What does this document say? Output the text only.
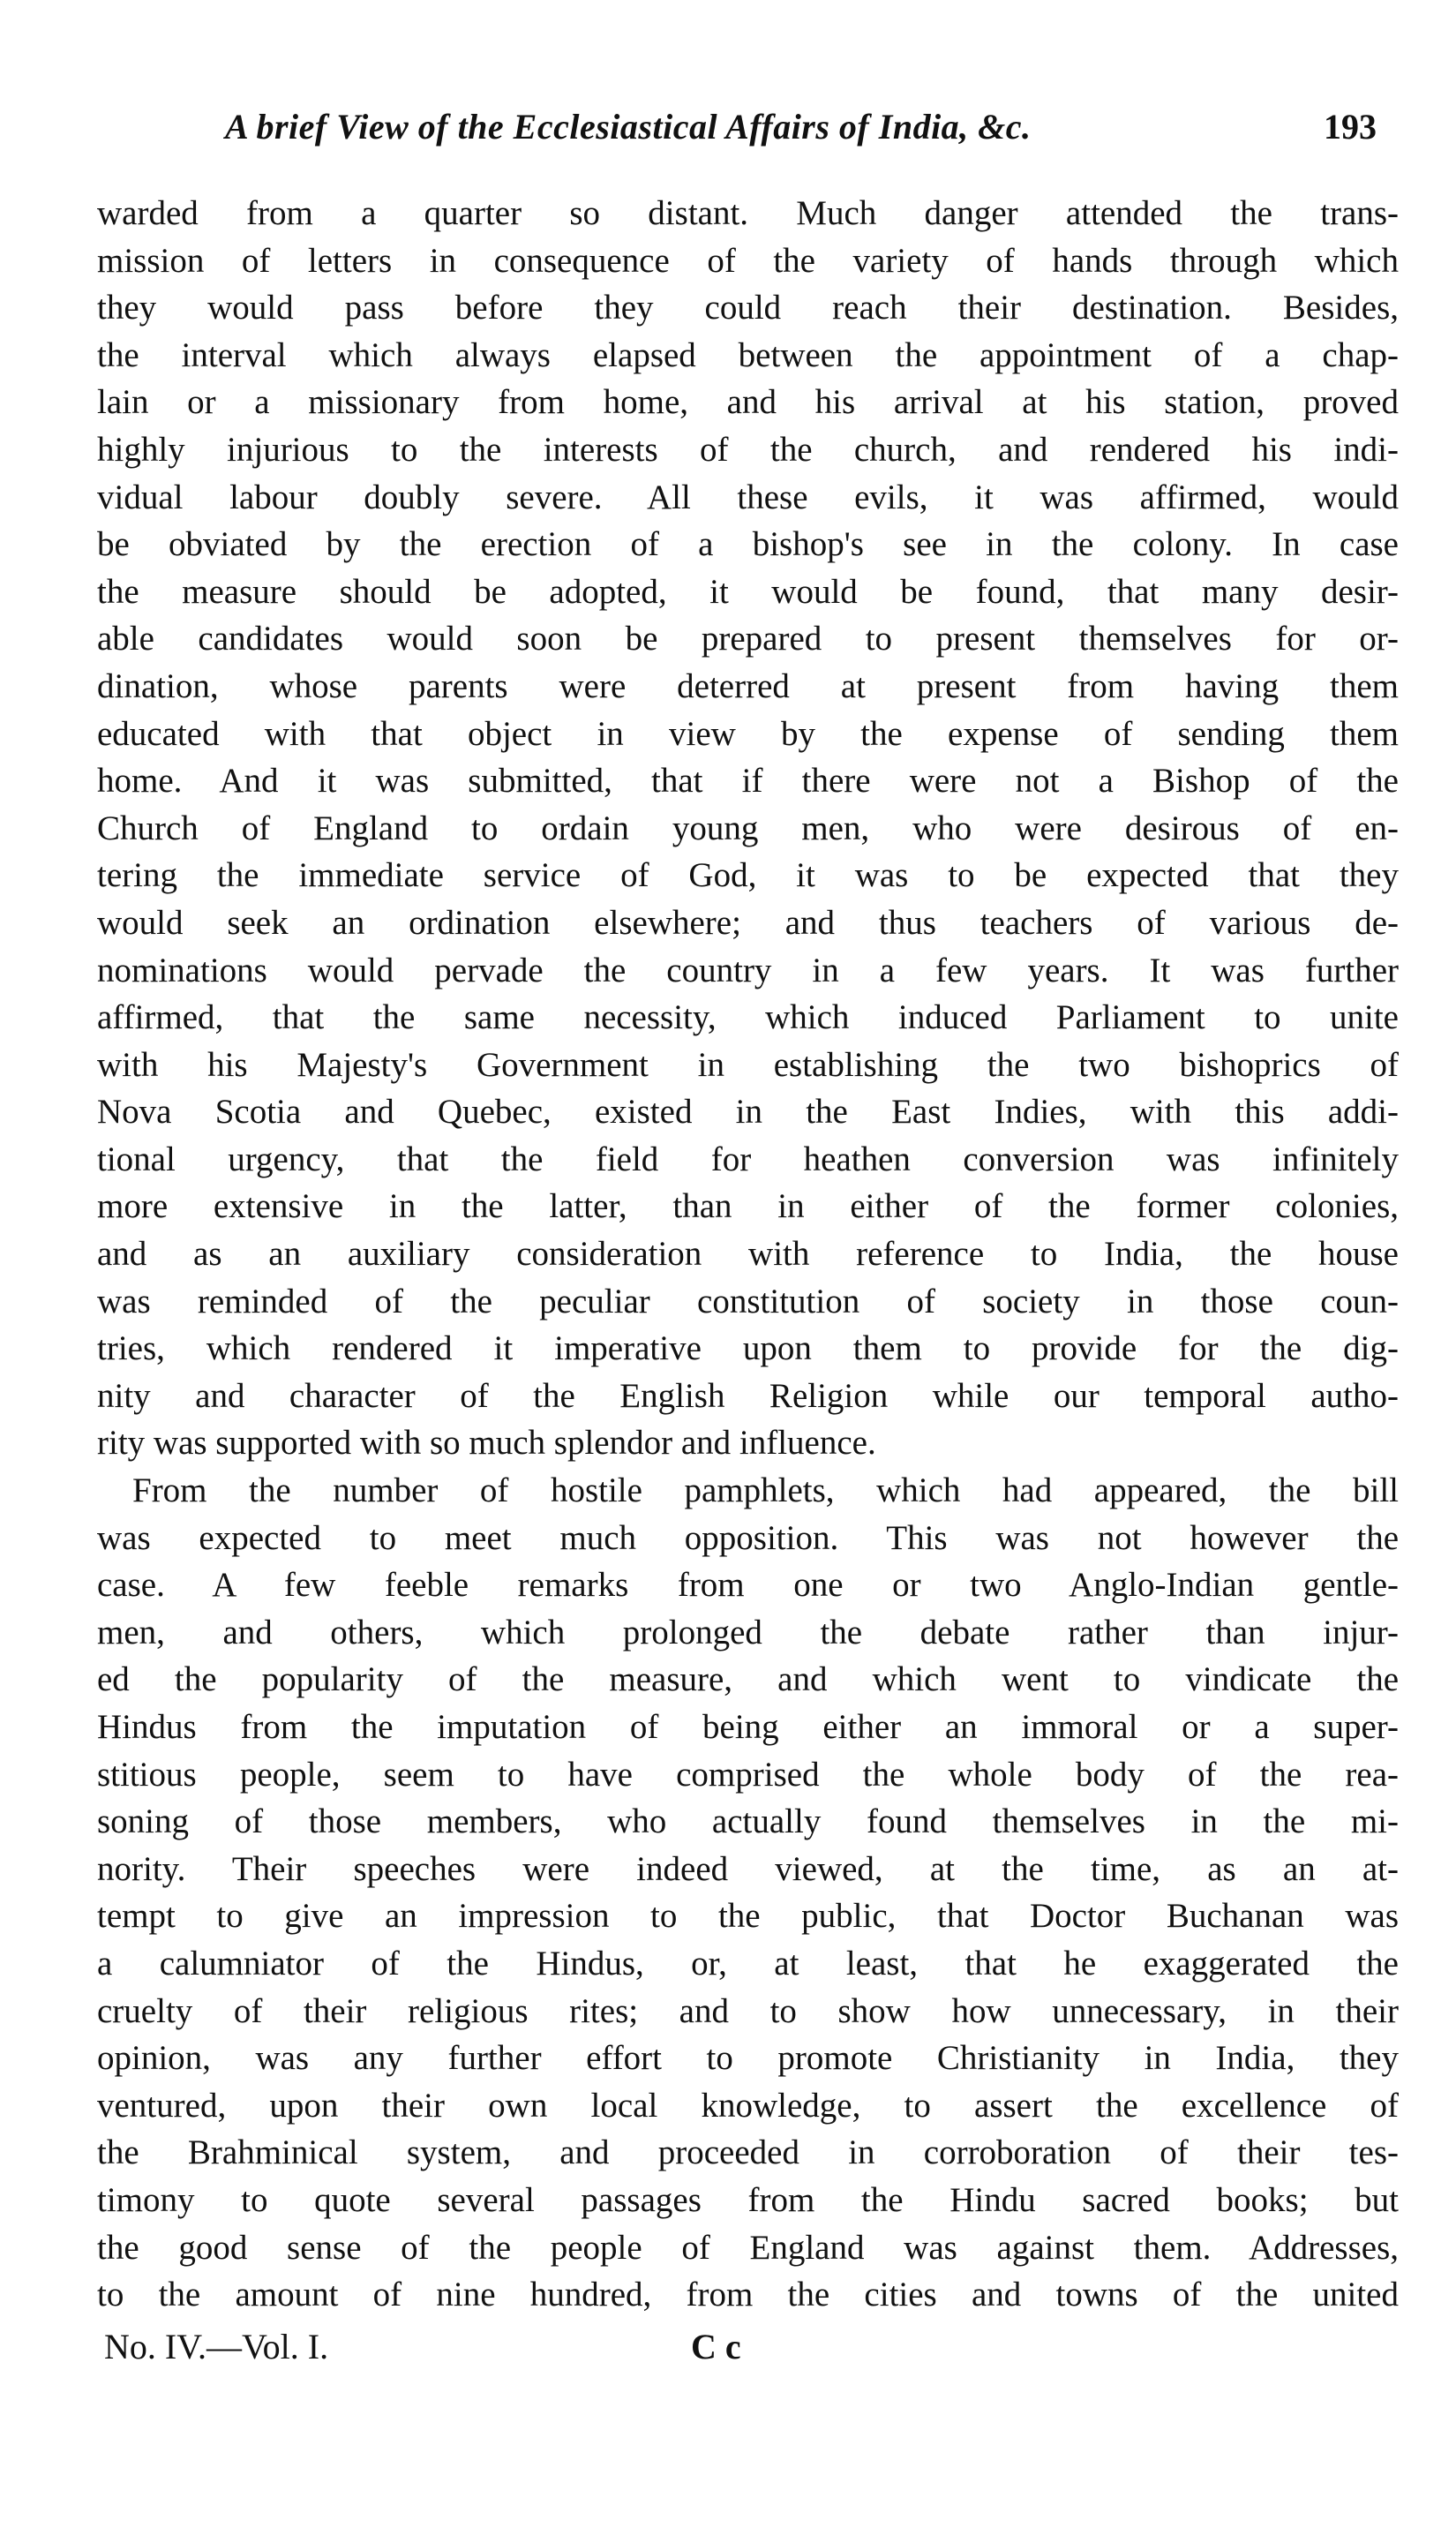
A brief View of the Ecclesiastical Affairs of India, &c.	193
warded from a quarter so distant. Much danger attended the trans-
mission of letters in consequence of the variety of hands through which
they would pass before they could reach their destination. Besides,
the interval which always elapsed between the appointment of a chap-
lain or a missionary from home, and his arrival at his station, proved
highly injurious to the interests of the church, and rendered his indi-
vidual labour doubly severe. All these evils, it was affirmed, would
be obviated by the erection of a bishop's see in the colony. In case
the measure should be adopted, it would be found, that many desir-
able candidates would soon be prepared to present themselves for or-
dination, whose parents were deterred at present from having them
educated with that object in view by the expense of sending them
home. And it was submitted, that if there were not a Bishop of the
Church of England to ordain young men, who were desirous of en-
tering the immediate service of God, it was to be expected that they
would seek an ordination elsewhere; and thus teachers of various de-
nominations would pervade the country in a few years. It was further
affirmed, that the same necessity, which induced Parliament to unite
with his Majesty's Government in establishing the two bishoprics of
Nova Scotia and Quebec, existed in the East Indies, with this addi-
tional urgency, that the field for heathen conversion was infinitely
more extensive in the latter, than in either of the former colonies,
and as an auxiliary consideration with reference to India, the house
was reminded of the peculiar constitution of society in those coun-
tries, which rendered it imperative upon them to provide for the dig-
nity and character of the English Religion while our temporal autho-
rity was supported with so much splendor and influence.
From the number of hostile pamphlets, which had appeared, the bill
was expected to meet much opposition. This was not however the
case. A few feeble remarks from one or two Anglo-Indian gentle-
men, and others, which prolonged the debate rather than injur-
ed the popularity of the measure, and which went to vindicate the
Hindus from the imputation of being either an immoral or a super-
stitious people, seem to have comprised the whole body of the rea-
soning of those members, who actually found themselves in the mi-
nority. Their speeches were indeed viewed, at the time, as an at-
tempt to give an impression to the public, that Doctor Buchanan was
a calumniator of the Hindus, or, at least, that he exaggerated the
cruelty of their religious rites; and to show how unnecessary, in their
opinion, was any further effort to promote Christianity in India, they
ventured, upon their own local knowledge, to assert the excellence of
the Brahminical system, and proceeded in corroboration of their tes-
timony to quote several passages from the Hindu sacred books; but
the good sense of the people of England was against them. Addresses,
to the amount of nine hundred, from the cities and towns of the united
No. IV.—Vol. I.	C c
